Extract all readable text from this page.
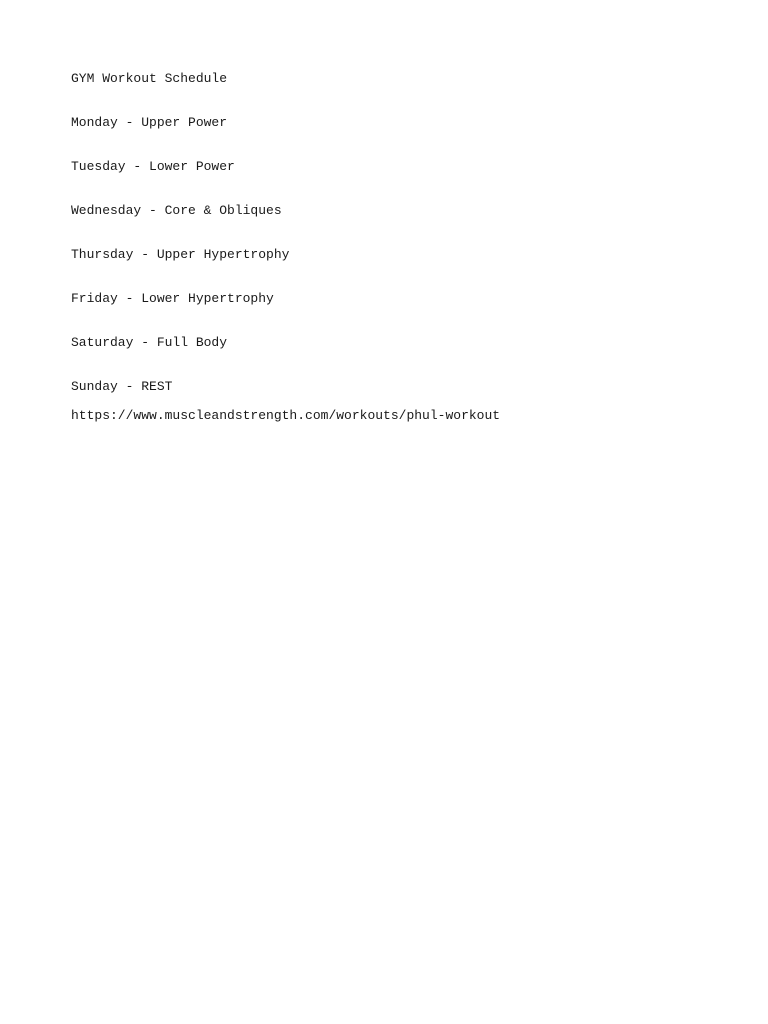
GYM Workout Schedule
Monday - Upper Power
Tuesday - Lower Power
Wednesday - Core & Obliques
Thursday - Upper Hypertrophy
Friday - Lower Hypertrophy
Saturday - Full Body
Sunday - REST
https://www.muscleandstrength.com/workouts/phul-workout
